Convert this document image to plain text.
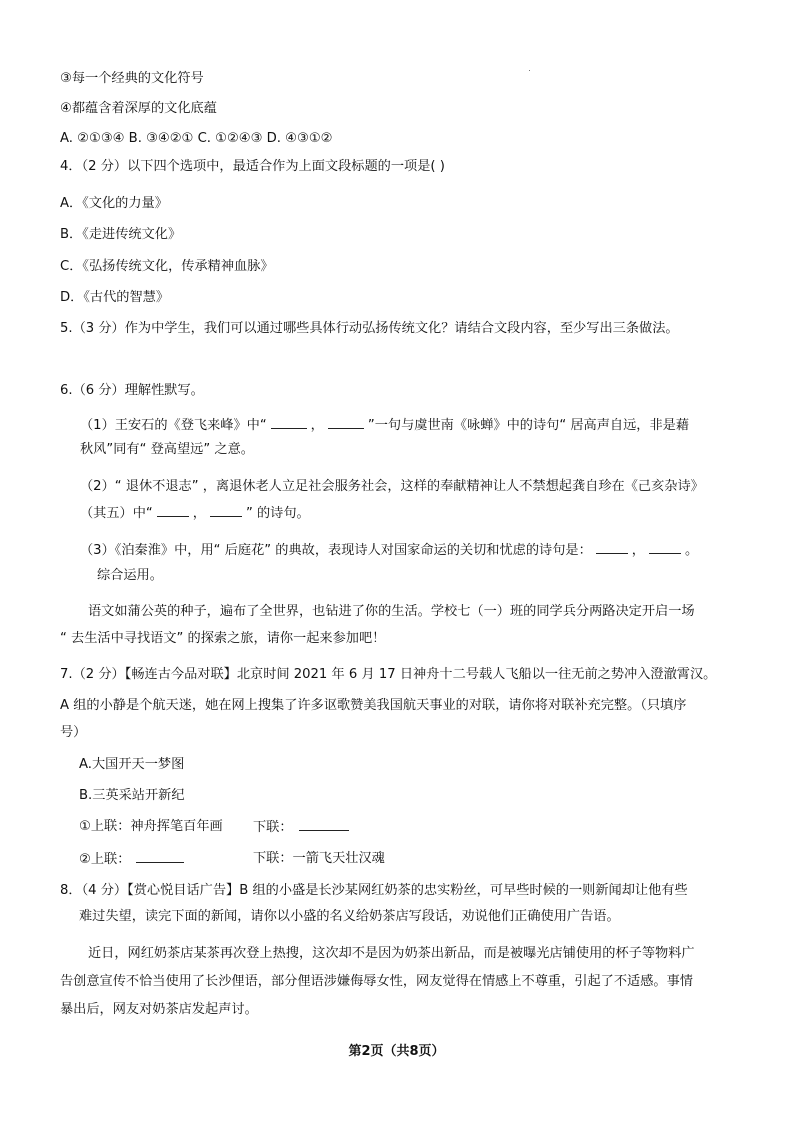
③每一个经典的文化符号
④都蕴含着深厚的文化底蕴
A. ②①③④ B. ③④②① C. ①②④③ D. ④③①②
4．（2 分）以下四个选项中，最适合作为上面文段标题的一项是( )
A．《文化的力量》
B．《走进传统文化》
C．《弘扬传统文化，传承精神血脉》
D．《古代的智慧》
5.（3 分）作为中学生，我们可以通过哪些具体行动弘扬传统文化？请结合文段内容，至少写出三条做法。
6.（6 分）理解性默写。
（1）王安石的《登飞来峰》中“	，	”一句与虞世南《咏蝉》中的诗句“ 居高声自远，非是藉
秋风”同有“ 登高望远” 之意。
（2）“ 退休不退志” ，离退休老人立足社会服务社会，这样的奉献精神让人不禁想起龚自珍在《己亥杂诗》
（其五）中“	，	” 的诗句。
（3）《泊秦淮》中，用“ 后庭花” 的典故，表现诗人对国家命运的关切和忧虑的诗句是：	，	。
综合运用。
语文如蒲公英的种子，遍布了全世界，也钻进了你的生活。学校七（一）班的同学兵分两路决定开启一场
“ 去生活中寻找语文” 的探索之旅，请你一起来参加吧！
7.（2 分）【畅连古今品对联】北京时间 2021 年 6 月 17 日神舟十二号载人飞船以一往无前之势冲入澄澈霄汉。
A 组的小静是个航天迷，她在网上搜集了许多讴歌赞美我国航天事业的对联，请你将对联补充完整。（只填序
号）
A.大国开天一梦图
B.三英采站开新纪
①上联：神舟挥笔百年画 下联：
②上联：	下联：一箭飞天壮汉魂
8．（4 分）【赏心悦目话广告】B 组的小盛是长沙某网红奶茶的忠实粉丝，可早些时候的一则新闻却让他有些
难过失望，读完下面的新闻，请你以小盛的名义给奶茶店写段话，劝说他们正确使用广告语。
近日，网红奶茶店某茶再次登上热搜，这次却不是因为奶茶出新品，而是被曝光店铺使用的杯子等物料广
告创意宣传不恰当使用了长沙俚语，部分俚语涉嫌侮辱女性，网友觉得在情感上不尊重，引起了不适感。事情
暴出后，网友对奶茶店发起声讨。
第2页（共8页）
